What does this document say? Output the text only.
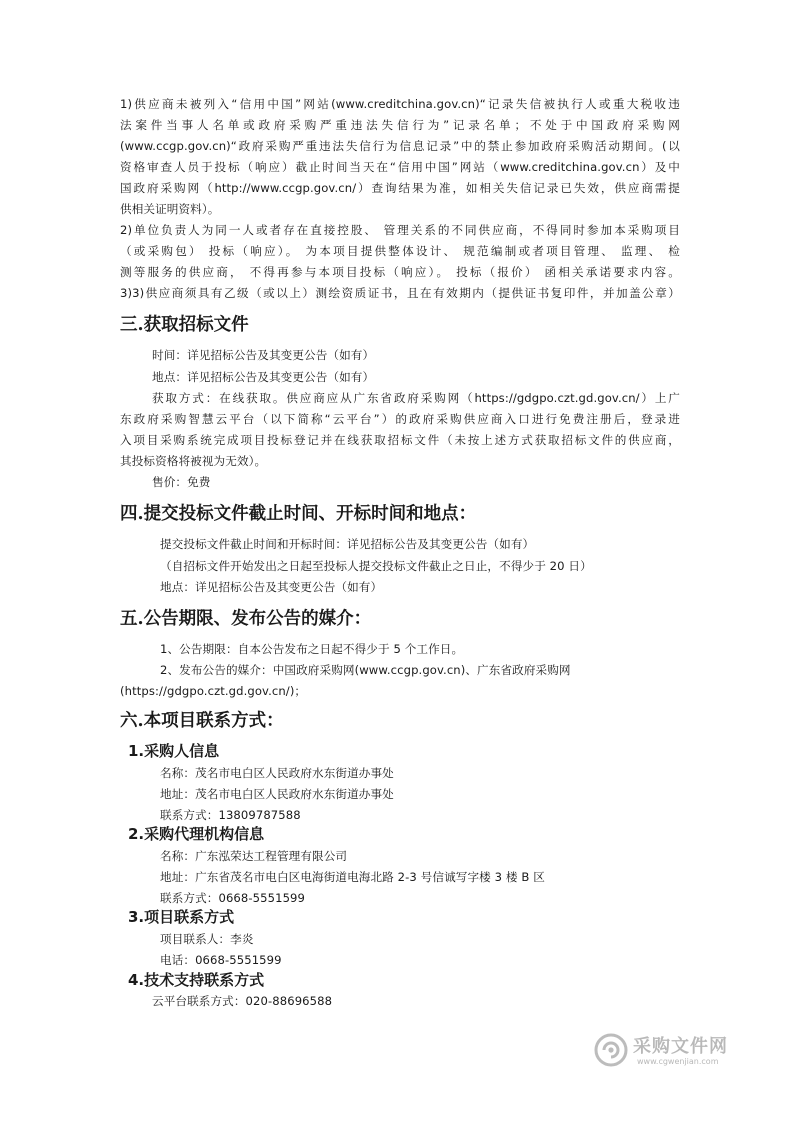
1)供应商未被列入“信用中国”网站(www.creditchina.gov.cn)“记录失信被执行人或重大税收违
法案件当事人名单或政府采购严重违法失信行为”记录名单；不处于中国政府采购网
(www.ccgp.gov.cn)“政府采购严重违法失信行为信息记录”中的禁止参加政府采购活动期间。(以
资格审查人员于投标（响应）截止时间当天在“信用中国”网站（www.creditchina.gov.cn）及中
国政府采购网（http://www.ccgp.gov.cn/）查询结果为准，如相关失信记录已失效，供应商需提
供相关证明资料）。
2)单位负责人为同一人或者存在直接控股、 管理关系的不同供应商，不得同时参加本采购项目
（或采购包） 投标（响应）。 为本项目提供整体设计、 规范编制或者项目管理、 监理、 检
测等服务的供应商， 不得再参与本项目投标（响应）。 投标（报价） 函相关承诺要求内容。
3)3)供应商须具有乙级（或以上）测绘资质证书，且在有效期内（提供证书复印件，并加盖公章）
三.获取招标文件
时间：详见招标公告及其变更公告（如有）
地点：详见招标公告及其变更公告（如有）
获取方式：在线获取。供应商应从广东省政府采购网（https://gdgpo.czt.gd.gov.cn/）上广
东政府采购智慧云平台（以下简称“云平台”）的政府采购供应商入口进行免费注册后，登录进
入项目采购系统完成项目投标登记并在线获取招标文件（未按上述方式获取招标文件的供应商，
其投标资格将被视为无效）。
售价：免费
四.提交投标文件截止时间、开标时间和地点：
提交投标文件截止时间和开标时间：详见招标公告及其变更公告（如有）
（自招标文件开始发出之日起至投标人提交投标文件截止之日止，不得少于 20 日）
地点：详见招标公告及其变更公告（如有）
五.公告期限、发布公告的媒介：
1、公告期限：自本公告发布之日起不得少于 5 个工作日。
2、发布公告的媒介：中国政府采购网(www.ccgp.gov.cn)、广东省政府采购网
(https://gdgpo.czt.gd.gov.cn/)；
六.本项目联系方式：
1.采购人信息
名称：茂名市电白区人民政府水东街道办事处
地址：茂名市电白区人民政府水东街道办事处
联系方式：13809787588
2.采购代理机构信息
名称：广东泓荣达工程管理有限公司
地址：广东省茂名市电白区电海街道电海北路 2-3 号信诚写字楼 3 楼 B 区
联系方式：0668-5551599
3.项目联系方式
项目联系人：李炎
电话：0668-5551599
4.技术支持联系方式
云平台联系方式：020-88696588
采购文件网
www.cgwenjian.com
